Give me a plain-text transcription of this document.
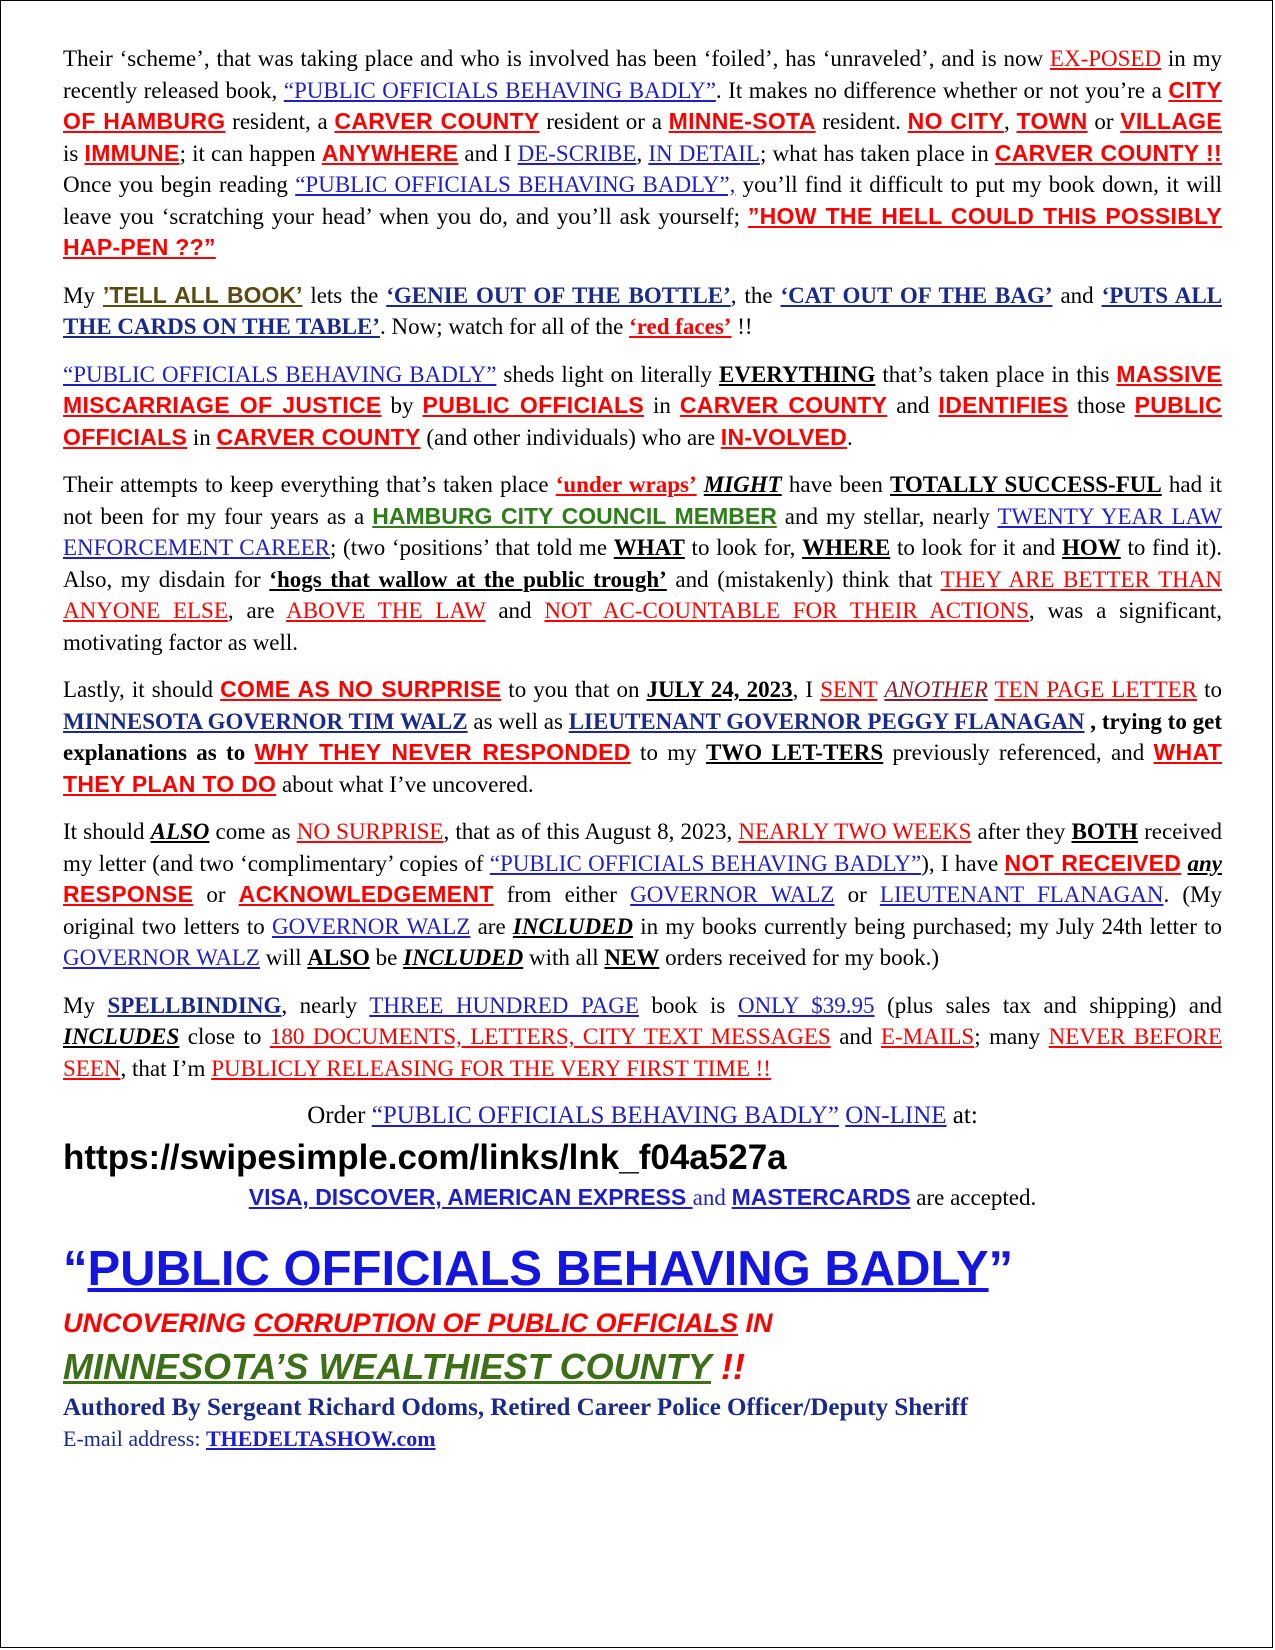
Their ‘scheme’, that was taking place and who is involved has been ‘foiled’, has ‘unraveled’, and is now EX-POSED in my recently released book, “PUBLIC OFFICIALS BEHAVING BADLY”. It makes no difference whether or not you’re a CITY OF HAMBURG resident, a CARVER COUNTY resident or a MINNE-SOTA resident. NO CITY, TOWN or VILLAGE is IMMUNE; it can happen ANYWHERE and I DE-SCRIBE, IN DETAIL; what has taken place in CARVER COUNTY !! Once you begin reading “PUBLIC OFFICIALS BEHAVING BADLY”, you’ll find it difficult to put my book down, it will leave you ‘scratching your head’ when you do, and you’ll ask yourself; ”HOW THE HELL COULD THIS POSSIBLY HAP-PEN ??”

My ’TELL ALL BOOK’ lets the ‘GENIE OUT OF THE BOTTLE’, the ‘CAT OUT OF THE BAG’ and ‘PUTS ALL THE CARDS ON THE TABLE’. Now; watch for all of the ‘red faces’ !!

“PUBLIC OFFICIALS BEHAVING BADLY” sheds light on literally EVERYTHING that’s taken place in this MASSIVE MISCARRIAGE OF JUSTICE by PUBLIC OFFICIALS in CARVER COUNTY and IDENTIFIES those PUBLIC OFFICIALS in CARVER COUNTY (and other individuals) who are IN-VOLVED.

Their attempts to keep everything that’s taken place ‘under wraps’ MIGHT have been TOTALLY SUCCESS-FUL had it not been for my four years as a HAMBURG CITY COUNCIL MEMBER and my stellar, nearly TWENTY YEAR LAW ENFORCEMENT CAREER; (two ‘positions’ that told me WHAT to look for, WHERE to look for it and HOW to find it). Also, my disdain for ‘hogs that wallow at the public trough’ and (mistakenly) think that THEY ARE BETTER THAN ANYONE ELSE, are ABOVE THE LAW and NOT AC-COUNTABLE FOR THEIR ACTIONS, was a significant, motivating factor as well.

Lastly, it should COME AS NO SURPRISE to you that on JULY 24, 2023, I SENT ANOTHER TEN PAGE LETTER to MINNESOTA GOVERNOR TIM WALZ as well as LIEUTENANT GOVERNOR PEGGY FLANAGAN , trying to get explanations as to WHY THEY NEVER RESPONDED to my TWO LET-TERS previously referenced, and WHAT THEY PLAN TO DO about what I’ve uncovered.

It should ALSO come as NO SURPRISE, that as of this August 8, 2023, NEARLY TWO WEEKS after they BOTH received my letter (and two ‘complimentary’ copies of “PUBLIC OFFICIALS BEHAVING BADLY”), I have NOT RECEIVED any RESPONSE or ACKNOWLEDGEMENT from either GOVERNOR WALZ or LIEUTENANT FLANAGAN. (My original two letters to GOVERNOR WALZ are INCLUDED in my books currently being purchased; my July 24th letter to GOVERNOR WALZ will ALSO be INCLUDED with all NEW orders received for my book.)

My SPELLBINDING, nearly THREE HUNDRED PAGE book is ONLY $39.95 (plus sales tax and shipping) and INCLUDES close to 180 DOCUMENTS, LETTERS, CITY TEXT MESSAGES and E-MAILS; many NEVER BEFORE SEEN, that I’m PUBLICLY RELEASING FOR THE VERY FIRST TIME !!

Order “PUBLIC OFFICIALS BEHAVING BADLY” ON-LINE at:

https://swipesimple.com/links/lnk_f04a527a

VISA, DISCOVER, AMERICAN EXPRESS and MASTERCARDS are accepted.

“PUBLIC OFFICIALS BEHAVING BADLY”

UNCOVERING CORRUPTION OF PUBLIC OFFICIALS IN

MINNESOTA’S WEALTHIEST COUNTY !!

Authored By Sergeant Richard Odoms, Retired Career Police Officer/Deputy Sheriff

E-mail address: THEDELTASHOW.com
